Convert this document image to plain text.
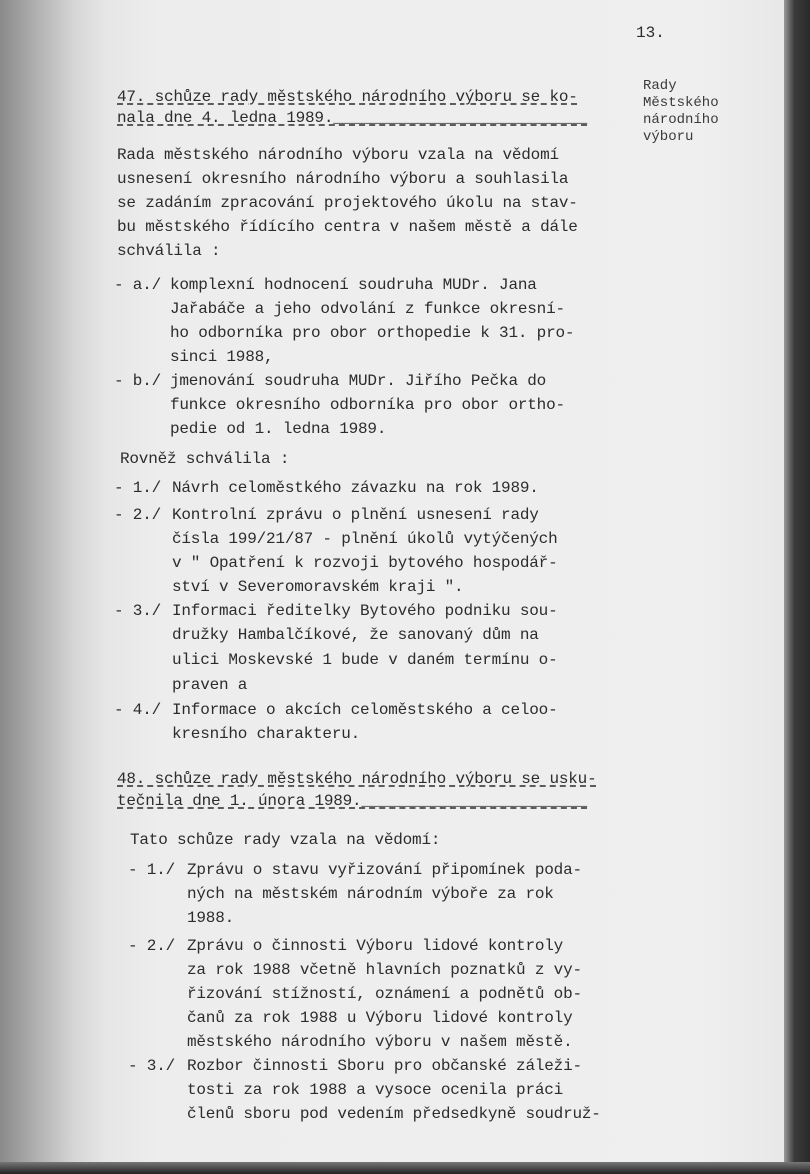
13.
Rady
Městského
národního
výboru
47. schůze rady městského národního výboru se ko-
nala dne 4. ledna 1989.___________________________
Rada městského národního výboru vzala na vědomí
usnesení okresního národního výboru a souhlasila
se zadáním zpracování projektového úkolu na stav-
bu městského řídícího centra v našem městě a dále
schválila :
- a./ komplexní hodnocení soudruha MUDr. Jana
Jařabáče a jeho odvolání z funkce okresní-
ho odborníka pro obor orthopedie k 31. pro-
sinci 1988,
- b./ jmenování soudruha MUDr. Jiřího Pečka do
funkce okresního odborníka pro obor ortho-
pedie od 1. ledna 1989.
Rovněž schválila :
- 1./ Návrh celoměstkého závazku na rok 1989.
- 2./ Kontrolní zprávu o plnění usnesení rady
čísla 199/21/87 - plnění úkolů vytýčených
v " Opatření k rozvoji bytového hospodář-
ství v Severomoravském kraji ".
- 3./ Informaci ředitelky Bytového podniku sou-
družky Hambalčíkové, že sanovaný dům na
ulici Moskevské 1 bude v daném termínu o-
praven a
- 4./ Informace o akcích celoměstského a celoo-
kresního charakteru.
48. schůze rady městského národního výboru se usku-
tečnila dne 1. února 1989.________________________
Tato schůze rady vzala na vědomí:
- 1./ Zprávu o stavu vyřizování připomínek poda-
ných na městském národním výboře za rok
1988.
- 2./ Zprávu o činnosti Výboru lidové kontroly
za rok 1988 včetně hlavních poznatků z vy-
řizování stížností, oznámení a podnětů ob-
čanů za rok 1988 u Výboru lidové kontroly
městského národního výboru v našem městě.
- 3./ Rozbor činnosti Sboru pro občanské záleži-
tosti za rok 1988 a vysoce ocenila práci
členů sboru pod vedením předsedkyně soudruž-
